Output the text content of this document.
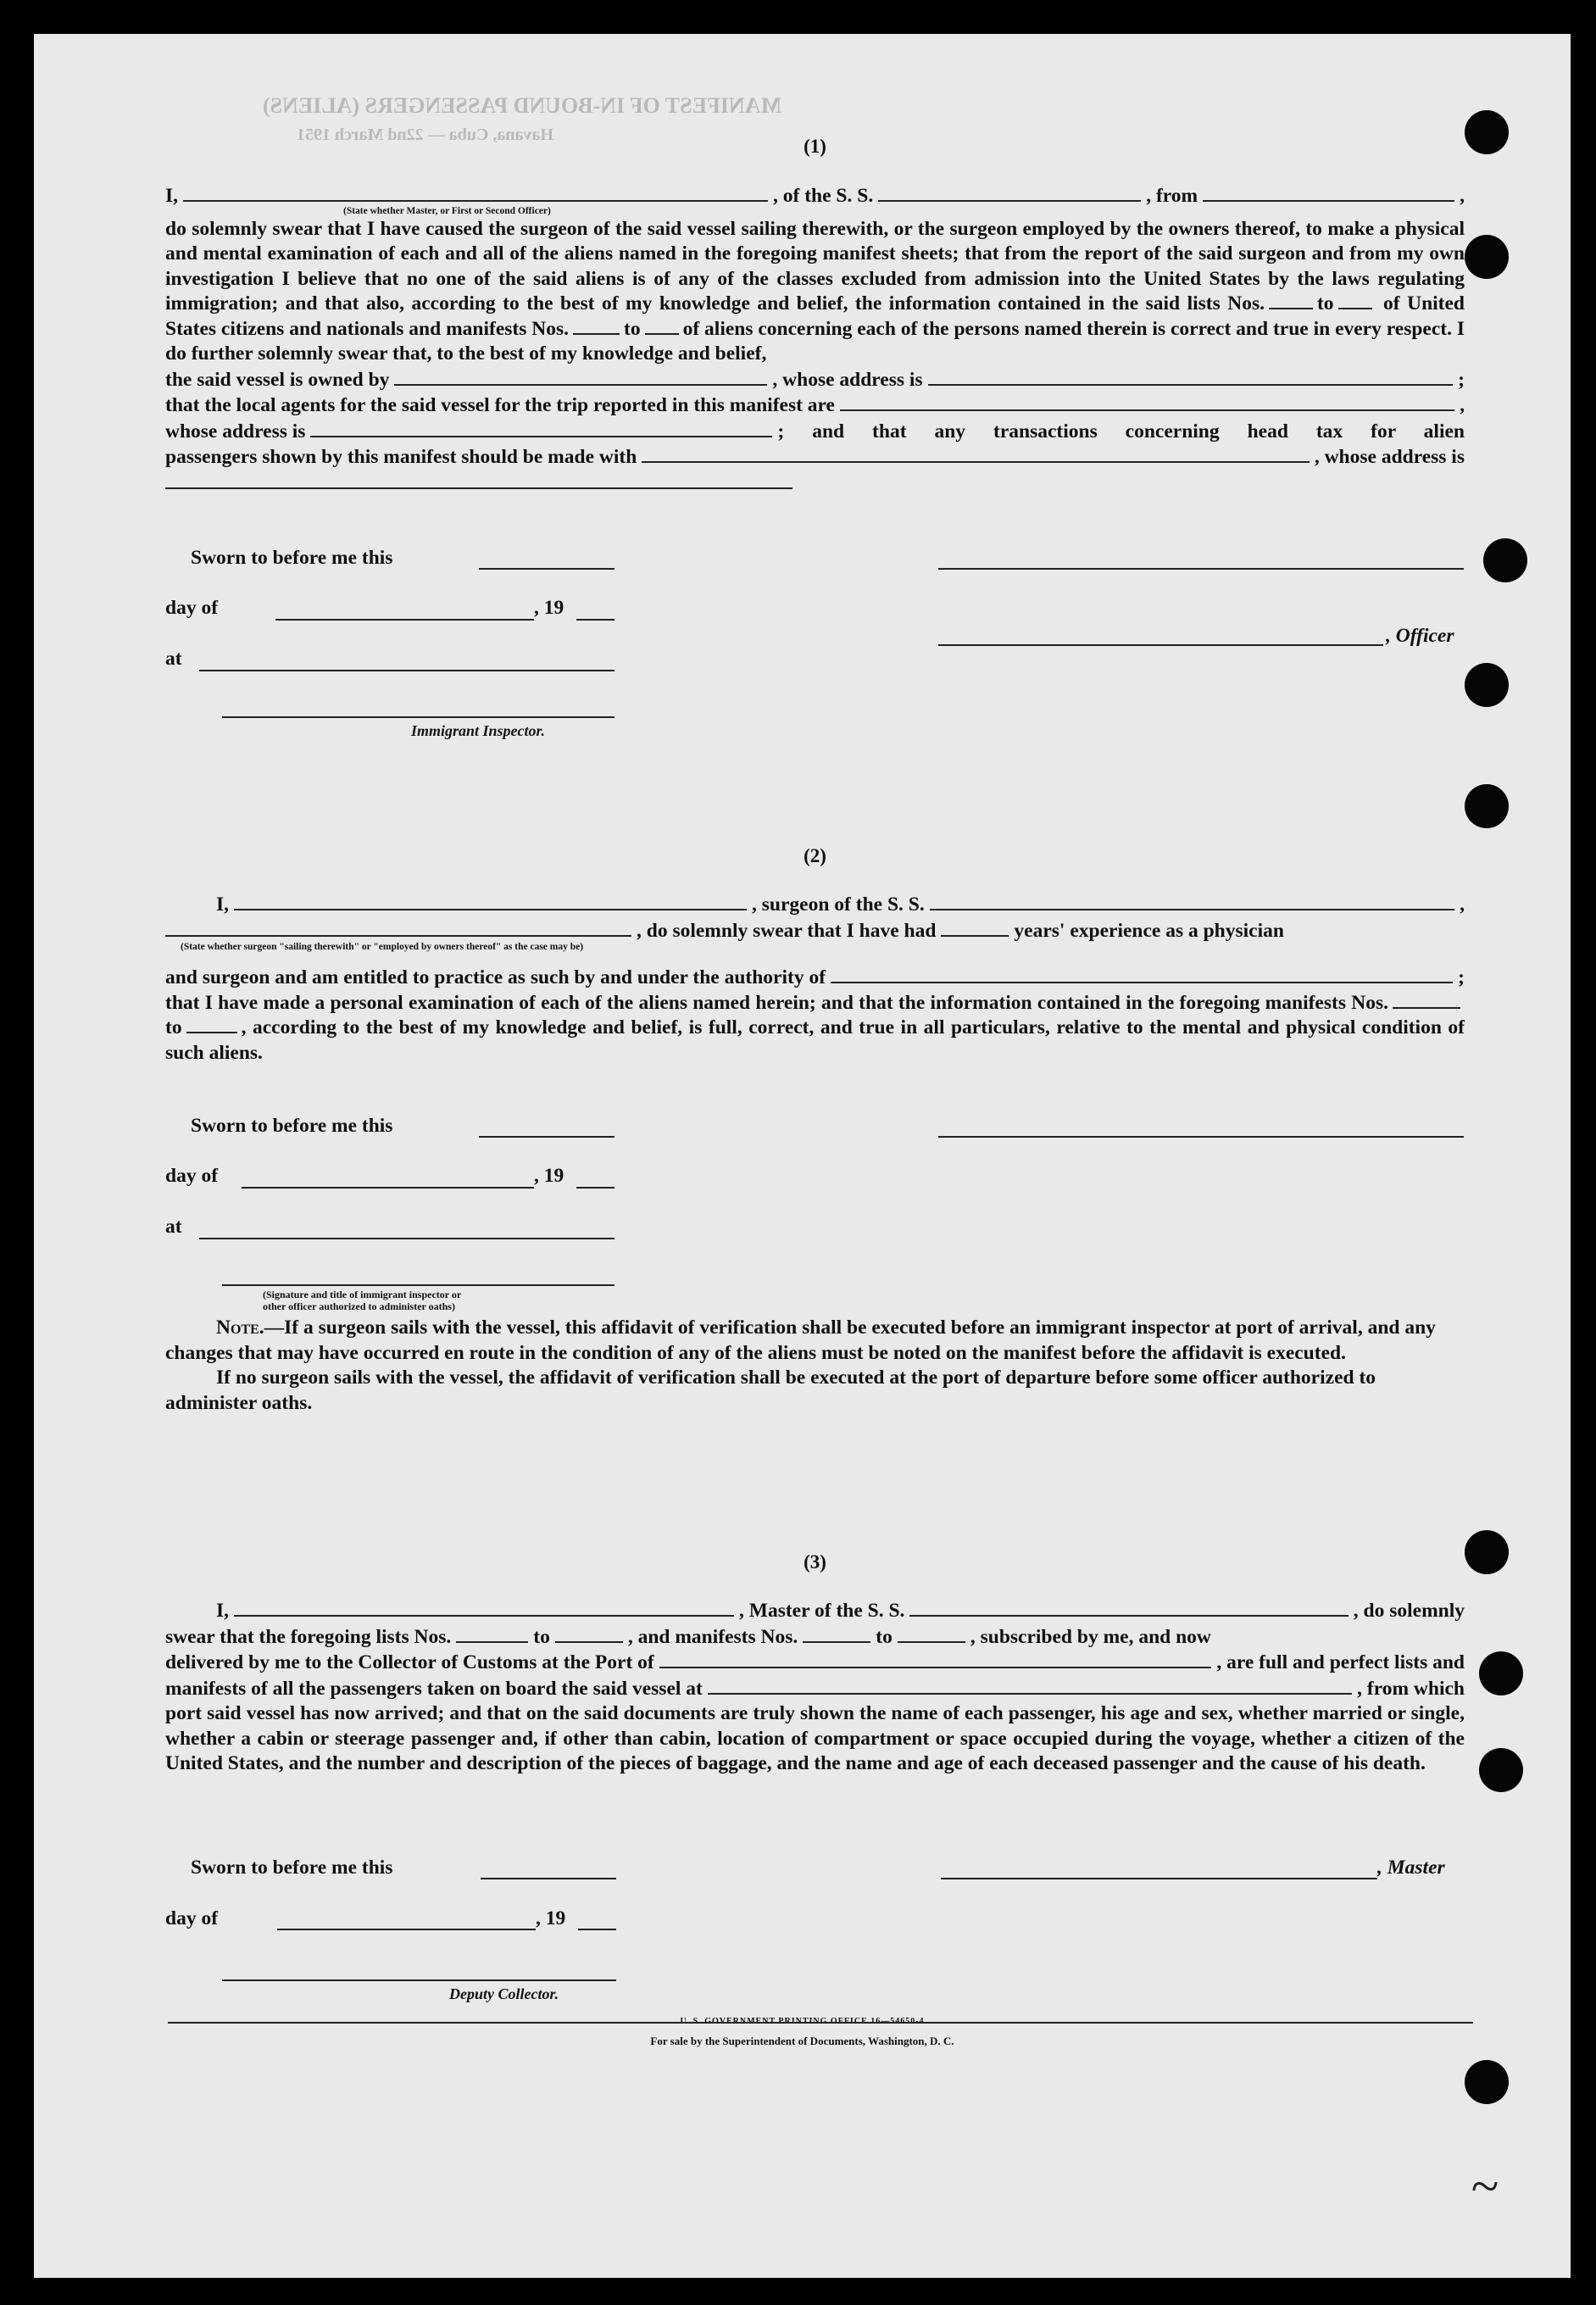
MANIFEST OF IN-BOUND PASSENGERS (ALIENS)
Havana, Cuba — 22nd March 1951
~
(1)
I,	, of the S. S.	, from	,
(State whether Master, or First or Second Officer)
do solemnly swear that I have caused the surgeon of the said vessel sailing therewith, or the surgeon employed by the owners thereof, to make a physical and mental examination of each and all of the aliens named in the foregoing manifest sheets; that from the report of the said surgeon and from my own investigation I believe that no one of the said aliens is of any of the classes excluded from admission into the United States by the laws regulating immigration; and that also, according to the best of my knowledge and belief, the information contained in the said lists Nos.	to of United States citizens and nationals and manifests Nos.	to of aliens concerning each of the persons named therein is correct and true in every respect. I do further solemnly swear that, to the best of my knowledge and belief,
the said vessel is owned by	, whose address is	;
that the local agents for the said vessel for the trip reported in this manifest are	,
whose address is	; and that any transactions concerning head tax for alien
passengers shown by this manifest should be made with	, whose address is
Sworn to before me this
day of	, 19
, Officer
at
Immigrant Inspector.
(2)
I,	, surgeon of the S. S.	,
, do solemnly swear that I have had	years' experience as a physician
(State whether surgeon "sailing therewith" or "employed by owners thereof" as the case may be)
and surgeon and am entitled to practice as such by and under the authority of	;
that I have made a personal examination of each of the aliens named herein; and that the information contained in the foregoing manifests Nos.to	, according to the best of my knowledge and belief, is full, correct, and true in all particulars, relative to the mental and physical condition of such aliens.
Sworn to before me this
day of	, 19
at
(Signature and title of immigrant inspector or
other officer authorized to administer oaths)

Note.—If a surgeon sails with the vessel, this affidavit of verification shall be executed before an immigrant inspector at port of arrival, and any changes that may have occurred en route in the condition of any of the aliens must be noted on the manifest before the affidavit is executed.

If no surgeon sails with the vessel, the affidavit of verification shall be executed at the port of departure before some officer authorized to administer oaths.

(3)
I,	, Master of the S. S.	, do solemnly
swear that the foregoing lists Nos.	to	, and manifests Nos.	to	, subscribed by me, and now
delivered by me to the Collector of Customs at the Port of	, are full and perfect lists and
manifests of all the passengers taken on board the said vessel at	, from which
port said vessel has now arrived; and that on the said documents are truly shown the name of each passenger, his age and sex, whether married or single, whether a cabin or steerage passenger and, if other than cabin, location of compartment or space occupied during the voyage, whether a citizen of the United States, and the number and description of the pieces of baggage, and the name and age of each deceased passenger and the cause of his death.
Sworn to before me this	, Master
day of	, 19
Deputy Collector.
U. S. GOVERNMENT PRINTING OFFICE 16—54650-4
For sale by the Superintendent of Documents, Washington, D. C.
